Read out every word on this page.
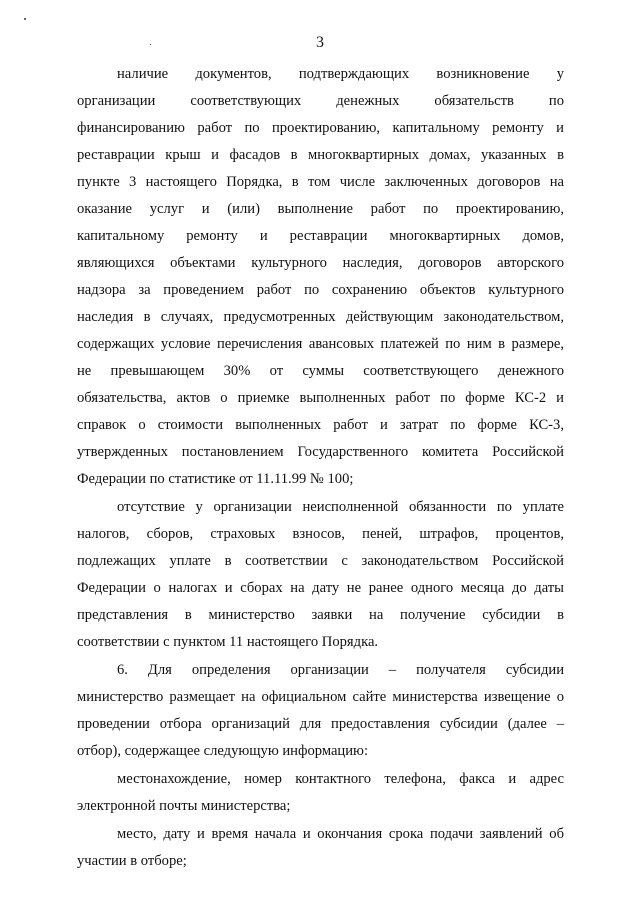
3
наличие документов, подтверждающих возникновение у
организации соответствующих денежных обязательств по
финансированию работ по проектированию, капитальному ремонту и
реставрации крыш и фасадов в многоквартирных домах, указанных в
пункте 3 настоящего Порядка, в том числе заключенных договоров на
оказание услуг и (или) выполнение работ по проектированию,
капитальному ремонту и реставрации многоквартирных домов,
являющихся объектами культурного наследия, договоров авторского
надзора за проведением работ по сохранению объектов культурного
наследия в случаях, предусмотренных действующим законодательством,
содержащих условие перечисления авансовых платежей по ним в размере,
не превышающем 30% от суммы соответствующего денежного
обязательства, актов о приемке выполненных работ по форме КС-2 и
справок о стоимости выполненных работ и затрат по форме КС-3,
утвержденных постановлением Государственного комитета Российской
Федерации по статистике от 11.11.99 № 100;
отсутствие у организации неисполненной обязанности по уплате
налогов, сборов, страховых взносов, пеней, штрафов, процентов,
подлежащих уплате в соответствии с законодательством Российской
Федерации о налогах и сборах на дату не ранее одного месяца до даты
представления в министерство заявки на получение субсидии в
соответствии с пунктом 11 настоящего Порядка.
6. Для определения организации – получателя субсидии
министерство размещает на официальном сайте министерства извещение о
проведении отбора организаций для предоставления субсидии (далее –
отбор), содержащее следующую информацию:
местонахождение, номер контактного телефона, факса и адрес
электронной почты министерства;
место, дату и время начала и окончания срока подачи заявлений об
участии в отборе;
